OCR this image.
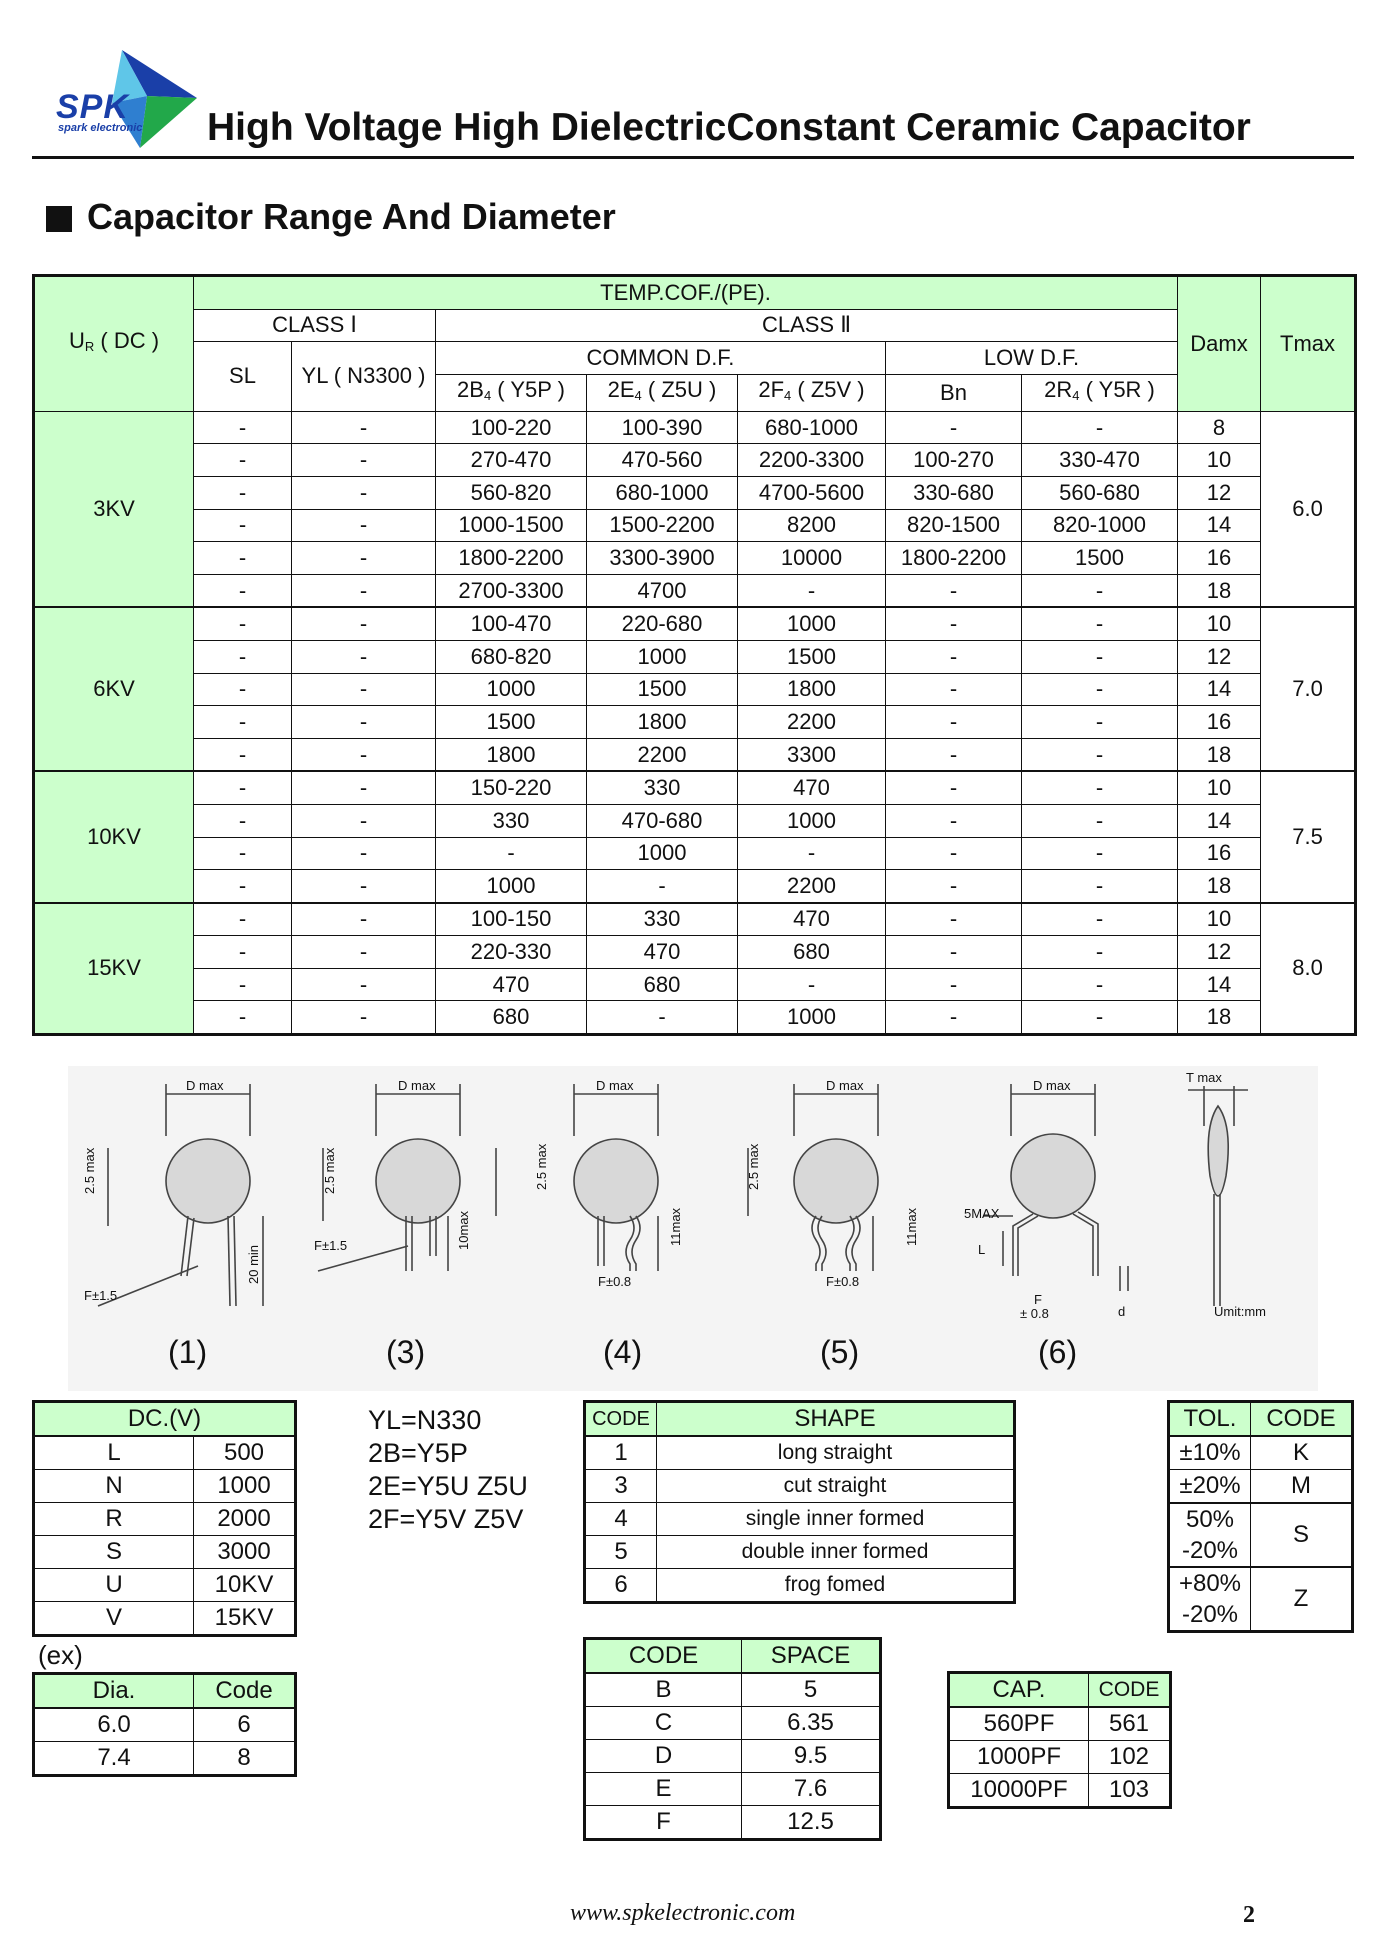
SPK
spark electronic High Voltage High DielectricConstant Ceramic Capacitor
Capacitor Range And Diameter
$U_R$ ( DC )	TEMP.COF./(PE).							Damx	Tmax
	CLASS Ⅰ		CLASS Ⅱ						
	SL	YL ( N3300 )	COMMON D.F.			LOW D.F.			
			$2B_4$ ( Y5P )	$2E_4$ ( Z5U )	$2F_4$ ( Z5V )	Bn	$2R_4$ ( Y5R )		
3KV	-	-	100-220	100-390	680-1000	-	-	8	6.0
	-	-	270-470	470-560	2200-3300	100-270	330-470	10	
	-	-	560-820	680-1000	4700-5600	330-680	560-680	12	
	-	-	1000-1500	1500-2200	8200	820-1500	820-1000	14	
	-	-	1800-2200	3300-3900	10000	1800-2200	1500	16	
	-	-	2700-3300	4700	-	-	-	18	
6KV	-	-	100-470	220-680	1000	-	-	10	7.0
	-	-	680-820	1000	1500	-	-	12	
	-	-	1000	1500	1800	-	-	14	
	-	-	1500	1800	2200	-	-	16	
	-	-	1800	2200	3300	-	-	18	
10KV	-	-	150-220	330	470	-	-	10	7.5
	-	-	330	470-680	1000	-	-	14	
	-	-	-	1000	-	-	-	16	
	-	-	1000	-	2200	-	-	18	
15KV	-	-	100-150	330	470	-	-	10	8.0
	-	-	220-330	470	680	-	-	12	
	-	-	470	680	-	-	-	14	
	-	-	680	-	1000	-	-	18	
D max	D max	D max	D max	D max
T max
2.5 max	2.5 max	2.5 max	2.5 max
F±1.5
F±1.5
F±0.8	F±0.8
20 min
10max	11max	11max	5MAX
L
F
± 0.8	d	Umit:mm
(1)	(3)	(4)	(5)	(6)
DC.(V)	
L	500
N	1000
R	2000
S	3000
U	10KV
V	15KV
(ex)
Dia.	Code
6.0	6
7.4	8
YL=N330
2B=Y5P
2E=Y5U Z5U
2F=Y5V Z5V
CODE	SHAPE
1	long straight
3	cut straight
4	single inner formed
5	double inner formed
6	frog fomed
CODE	SPACE
B	5
C	6.35
D	9.5
E	7.6
F	12.5
CAP.	CODE
560PF	561
1000PF	102
10000PF	103
TOL.	CODE
±10%	K
±20%	M

50%
-20%	S

+80%
-20%	Z
www.spkelectronic.com	2
